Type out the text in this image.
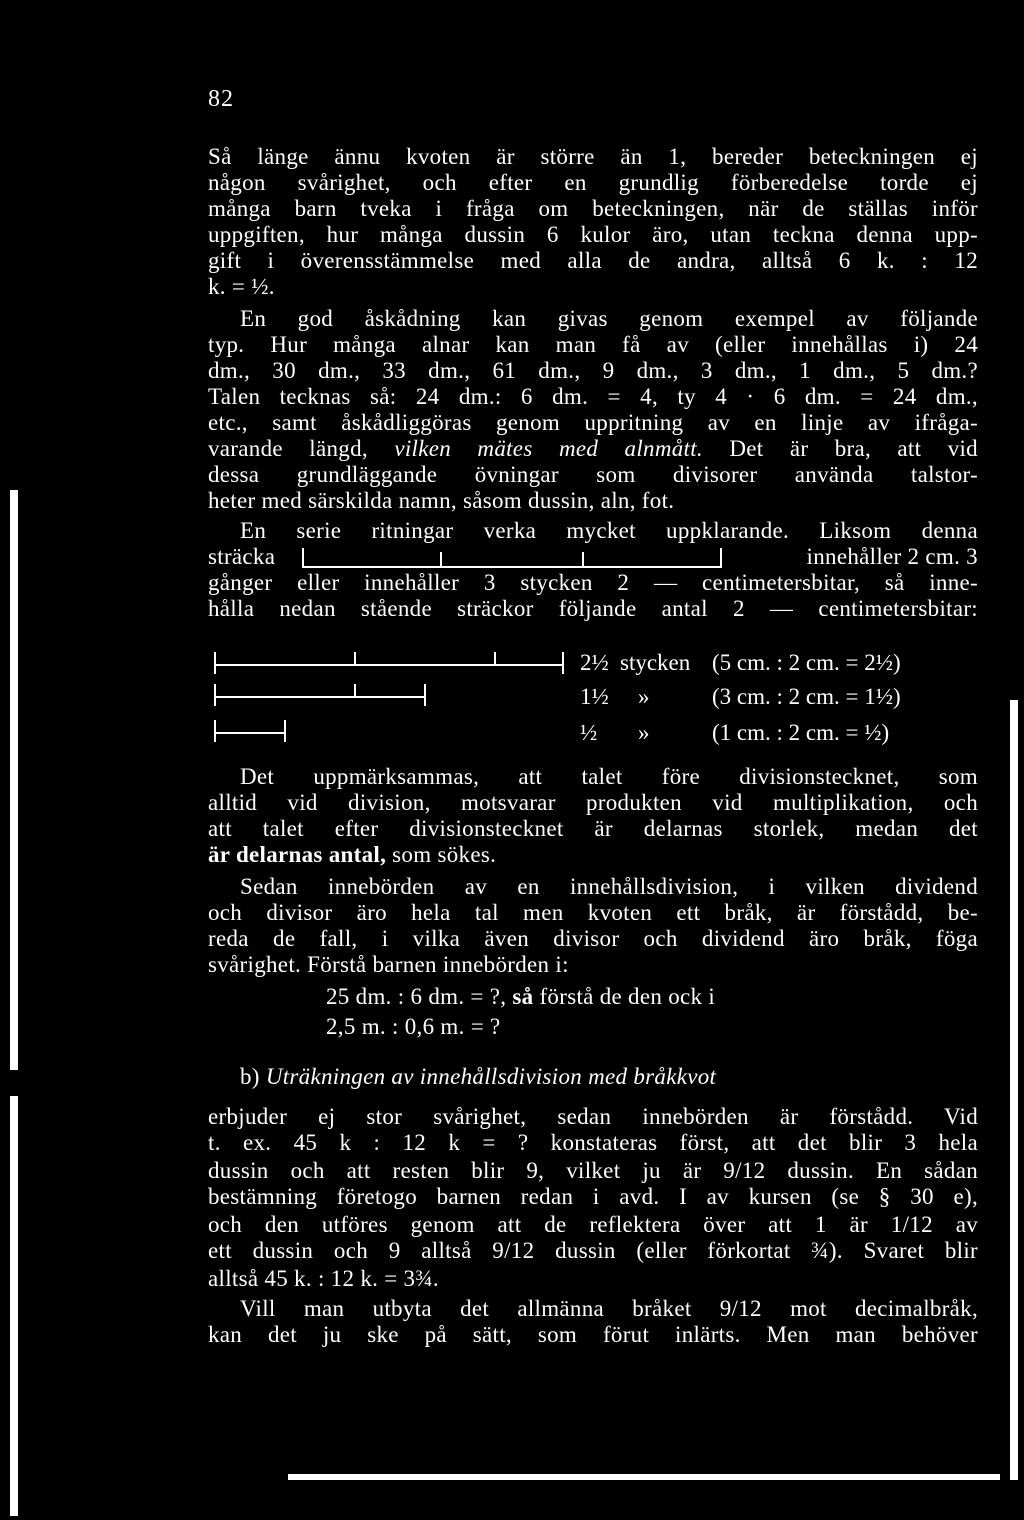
82
Så länge ännu kvoten är större än 1, bereder beteckningen ej
någon svårighet, och efter en grundlig förberedelse torde ej
många barn tveka i fråga om beteckningen, när de ställas inför
uppgiften, hur många dussin 6 kulor äro, utan teckna denna upp-
gift i överensstämmelse med alla de andra, alltså 6 k. : 12
k. = ½.
En god åskådning kan givas genom exempel av följande
typ. Hur många alnar kan man få av (eller innehållas i) 24
dm., 30 dm., 33 dm., 61 dm., 9 dm., 3 dm., 1 dm., 5 dm.?
Talen tecknas så: 24 dm.: 6 dm. = 4, ty 4 · 6 dm. = 24 dm.,
etc., samt åskådliggöras genom uppritning av en linje av ifråga-
varande längd, vilken mätes med alnmått. Det är bra, att vid
dessa grundläggande övningar som divisorer använda talstor-
heter med särskilda namn, såsom dussin, aln, fot.
En serie ritningar verka mycket uppklarande. Liksom denna
sträcka	innehåller 2 cm. 3
gånger eller innehåller 3 stycken 2 — centimetersbitar, så inne-
hålla nedan stående sträckor följande antal 2 — centimetersbitar:
2½ stycken (5 cm. : 2 cm. = 2½)
1½ »	(3 cm. : 2 cm. = 1½)
½ »	(1 cm. : 2 cm. = ½)
Det uppmärksammas, att talet före divisionstecknet, som
alltid vid division, motsvarar produkten vid multiplikation, och
att talet efter divisionstecknet är delarnas storlek, medan det
är delarnas antal, som sökes.
Sedan innebörden av en innehållsdivision, i vilken dividend
och divisor äro hela tal men kvoten ett bråk, är förstådd, be-
reda de fall, i vilka även divisor och dividend äro bråk, föga
svårighet. Förstå barnen innebörden i:
25 dm. : 6 dm. = ?, så förstå de den ock i
2,5 m. : 0,6 m. = ?
b) Uträkningen av innehållsdivision med bråkkvot
erbjuder ej stor svårighet, sedan innebörden är förstådd. Vid
t. ex. 45 k : 12 k = ? konstateras först, att det blir 3 hela
dussin och att resten blir 9, vilket ju är 9/12 dussin. En sådan
bestämning företogo barnen redan i avd. I av kursen (se § 30 e),
och den utföres genom att de reflektera över att 1 är 1/12 av
ett dussin och 9 alltså 9/12 dussin (eller förkortat ¾). Svaret blir
alltså 45 k. : 12 k. = 3¾.
Vill man utbyta det allmänna bråket 9/12 mot decimalbråk,
kan det ju ske på sätt, som förut inlärts. Men man behöver
